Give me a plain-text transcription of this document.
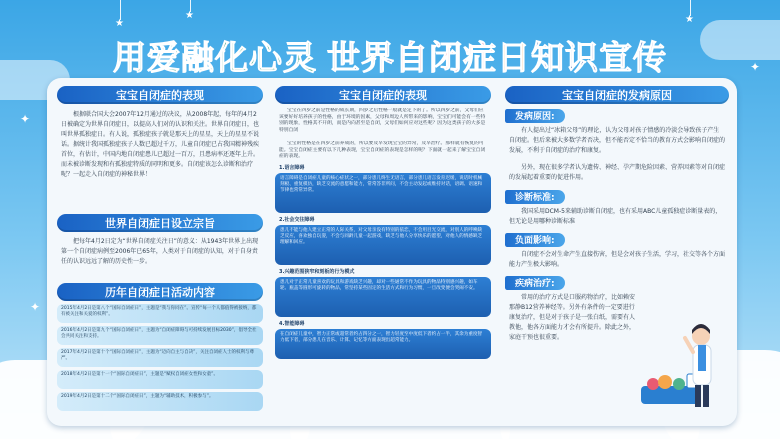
★
★	★
✦
✦
✦
用爱融化心灵 世界自闭症日知识宣传
宝宝自闭症的表现
根据联合国大会2007年12月通过的决议，从2008年起，每年的4月2日被确定为世界自闭症日，以提高人们对的认识和关注。世界自闭症日，也叫世界孤独症日。有人说，孤独症孩子就是那天上的星星，天上的星星不说话。据统计我国孤独症孩子人数已超过千万，儿童自闭症已占我国精神残疾首位，有估计，中国内地自闭症患儿已超过一百万，且患病率还逐年上升。而未被诊断发现和有孤独症特质的同明和更多。自闭症该怎么诊断和治疗呢？一起走入自闭症的神秘世界！
世界自闭症日设立宗旨
把每年4月2日定为“世界自闭症关注日”的意义：从1943年世界上出现第一个自闭症病例至2006年已65年，人类对于自闭症的认知，对于自身责任的认识远远了解的历史性一步。
历年自闭症日活动内容
2015年4月2日是第八个“国际自闭症日”，主题是“我与你同在”。宣传“每一个人都值得被接纳，都有被关注和关爱的权利”。
2016年4月2日是第九个“国际自闭症日”，主题为“自闭症障碍与可持续发展目标2030”，倡导全社会共同关注和支持。
2017年4月2日是第十个“国际自闭症日”，主题为“迈向自主与自决”，关注自闭症人士的权利与尊严。
2018年4月2日是第十一个“国际自闭症日”，主题是“赋权自闭症女性和女童”。
2019年4月2日是第十二个“国际自闭症日”，主题为“辅助技术，积极参与”。
宝宝自闭症的表现
宝宝在四岁之前是性格的成长期，四岁之后性格一般就是定下的了。所以四岁之前，父母们应该要好好培养孩子的性格，由于环境的因素，父母和周边人所带来的影响，宝宝们可能会有一些特别的现象，性格其不开朗，而是内向甚至是自闭，父母们如何应对这些呢？因为这类孩子的大多是特别自闭
宝宝的性格是在四岁之前养成的，所以要及早发现宝宝的异常，及早治疗。那样就有恢复的可能。宝宝自闭症主要有以下几种表现，宝宝自闭症的表现是怎样的呢？下面就一起来了解宝宝自闭症的表现。
1.语言障碍
语言障碍是自闭症儿童的核心症状之一，部分患儿终生无语言，部分患儿语言发育迟缓，说话时机械刻板、重复模仿，缺乏交流的意愿和能力，常常答非所问，不会主动发起或维持对话，语调、语速和节律也常常异常。
2.社会交往障碍
患儿不能与他人建立正常的人际关系，对父母亲没有特别的依恋，不会用目光交流，对别人的呼唤缺乏反应，喜欢独自玩耍，不会与同龄儿童一起游戏，缺乏与他人分享快乐的愿望，对他人的情感缺乏理解和回应。
3.兴趣范围狭窄和刻板的行为模式
患儿对于正常儿童喜欢的玩具和游戏缺乏兴趣，却对一些通常不作为玩具的物品特别感兴趣，如车轮、瓶盖等圆形可旋转的物品，常坚持某些固定的生活方式和行为习惯，一旦改变便会哭闹不安。
4.智能障碍
在自闭症儿童中，智力正常或超常者约占四分之一，智力轻度至中度低下者约占一半，其余为重度智力低下者，部分患儿在音乐、计算、记忆等方面表现出超常能力。
宝宝自闭症的发病原因
发病原因:
有人提出过“冰箱父母”的理论，认为父母对孩子情感的冷淡会导致孩子产生自闭症。但后来被大多数学者否决，但不能否定不恰当的教育方式会影响自闭症的发展，不利于自闭症的治疗和康复。
另外，现在很多学者认为遗传、神经、孕产期危险因素、营养因素等对自闭症的发展起着重要的促进作用。
诊断标准:
我国采用DCM-5来辅助诊断自闭症，也有采用ABC儿童孤独症诊断量表的，但无论是用哪种诊断标准
负面影响:
自闭症不会对生命产生直接伤害，但是会对孩子生活，学习，社交等各个方面能力产生极大影响。
疾病治疗:
常用的治疗方式是口服药物治疗，比如赖安那静B12营养神经等。另外有条件的一定要进行康复治疗，但是对于孩子是一张白纸，需要有人教他，他各方面能力才会有所提升。除此之外，家庭干预也很重要。
